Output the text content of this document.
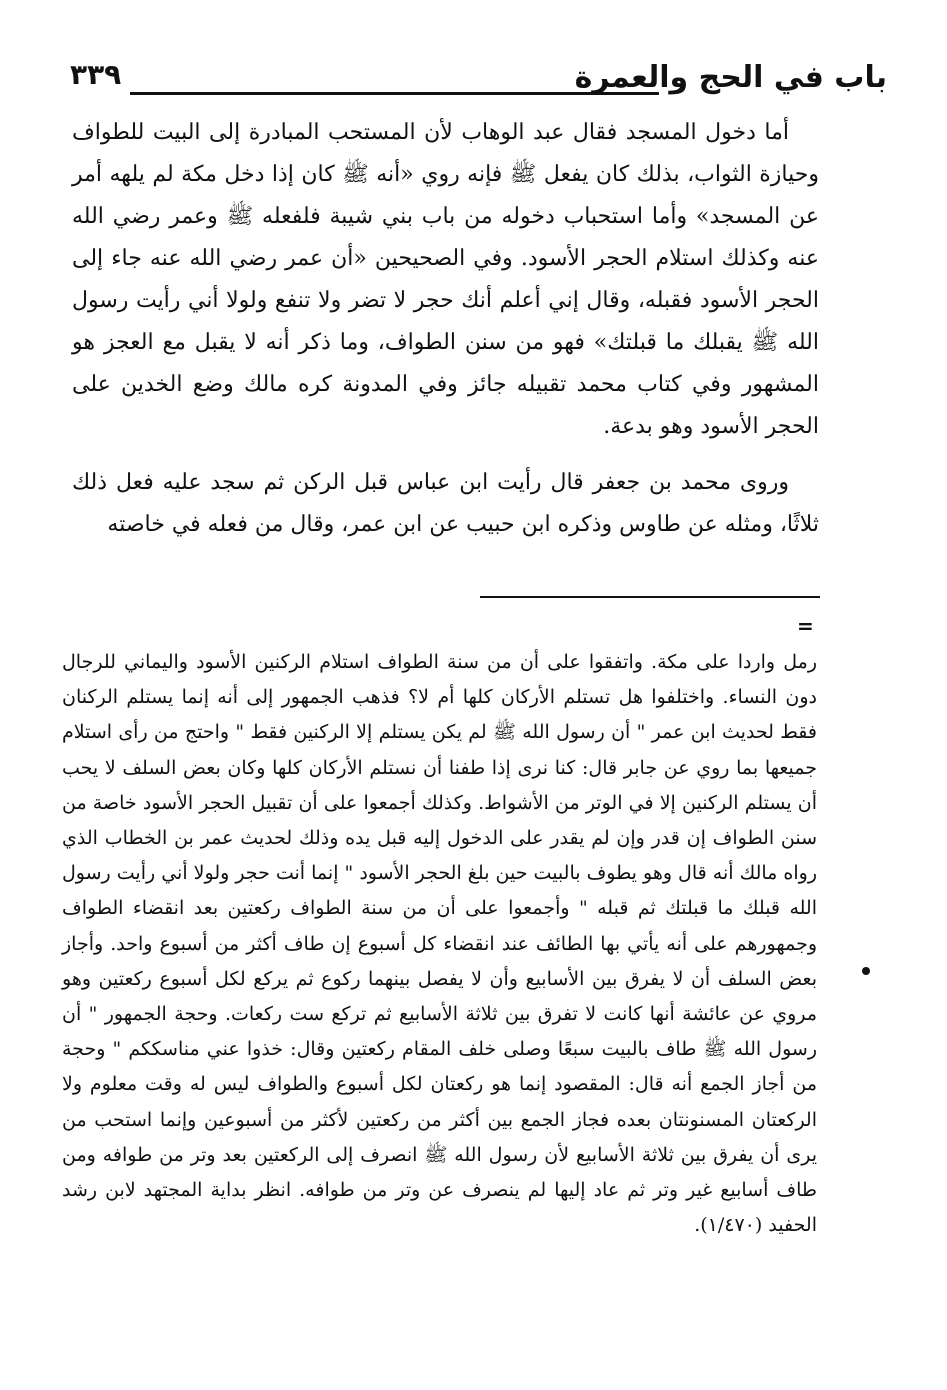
٣٣٩	باب في الحج والعمرة

أما دخول المسجد فقال عبد الوهاب لأن المستحب المبادرة إلى البيت للطواف وحيازة الثواب، بذلك كان يفعل ﷺ فإنه روي «أنه ﷺ كان إذا دخل مكة لم يلهه أمر عن المسجد» وأما استحباب دخوله من باب بني شيبة فلفعله ﷺ وعمر رضي الله عنه وكذلك استلام الحجر الأسود. وفي الصحيحين «أن عمر رضي الله عنه جاء إلى الحجر الأسود فقبله، وقال إني أعلم أنك حجر لا تضر ولا تنفع ولولا أني رأيت رسول الله ﷺ يقبلك ما قبلتك» فهو من سنن الطواف، وما ذكر أنه لا يقبل مع العجز هو المشهور وفي كتاب محمد تقبيله جائز وفي المدونة كره مالك وضع الخدين على الحجر الأسود وهو بدعة.

وروى محمد بن جعفر قال رأيت ابن عباس قبل الركن ثم سجد عليه فعل ذلك ثلاثًا، ومثله عن طاوس وذكره ابن حبيب عن ابن عمر، وقال من فعله في خاصته

=
رمل واردا على مكة. واتفقوا على أن من سنة الطواف استلام الركنين الأسود واليماني للرجال دون النساء. واختلفوا هل تستلم الأركان كلها أم لا؟ فذهب الجمهور إلى أنه إنما يستلم الركنان فقط لحديث ابن عمر " أن رسول الله ﷺ لم يكن يستلم إلا الركنين فقط " واحتج من رأى استلام جميعها بما روي عن جابر قال: كنا نرى إذا طفنا أن نستلم الأركان كلها وكان بعض السلف لا يحب أن يستلم الركنين إلا في الوتر من الأشواط. وكذلك أجمعوا على أن تقبيل الحجر الأسود خاصة من سنن الطواف إن قدر وإن لم يقدر على الدخول إليه قبل يده وذلك لحديث عمر بن الخطاب الذي رواه مالك أنه قال وهو يطوف بالبيت حين بلغ الحجر الأسود " إنما أنت حجر ولولا أني رأيت رسول الله قبلك ما قبلتك ثم قبله " وأجمعوا على أن من سنة الطواف ركعتين بعد انقضاء الطواف وجمهورهم على أنه يأتي بها الطائف عند انقضاء كل أسبوع إن طاف أكثر من أسبوع واحد. وأجاز بعض السلف أن لا يفرق بين الأسابيع وأن لا يفصل بينهما ركوع ثم يركع لكل أسبوع ركعتين وهو مروي عن عائشة أنها كانت لا تفرق بين ثلاثة الأسابيع ثم تركع ست ركعات. وحجة الجمهور " أن رسول الله ﷺ طاف بالبيت سبعًا وصلى خلف المقام ركعتين وقال: خذوا عني مناسككم " وحجة من أجاز الجمع أنه قال: المقصود إنما هو ركعتان لكل أسبوع والطواف ليس له وقت معلوم ولا الركعتان المسنونتان بعده فجاز الجمع بين أكثر من ركعتين لأكثر من أسبوعين وإنما استحب من يرى أن يفرق بين ثلاثة الأسابيع لأن رسول الله ﷺ انصرف إلى الركعتين بعد وتر من طوافه ومن طاف أسابيع غير وتر ثم عاد إليها لم ينصرف عن وتر من طوافه. انظر بداية المجتهد لابن رشد الحفيد (١/٤٧٠).
